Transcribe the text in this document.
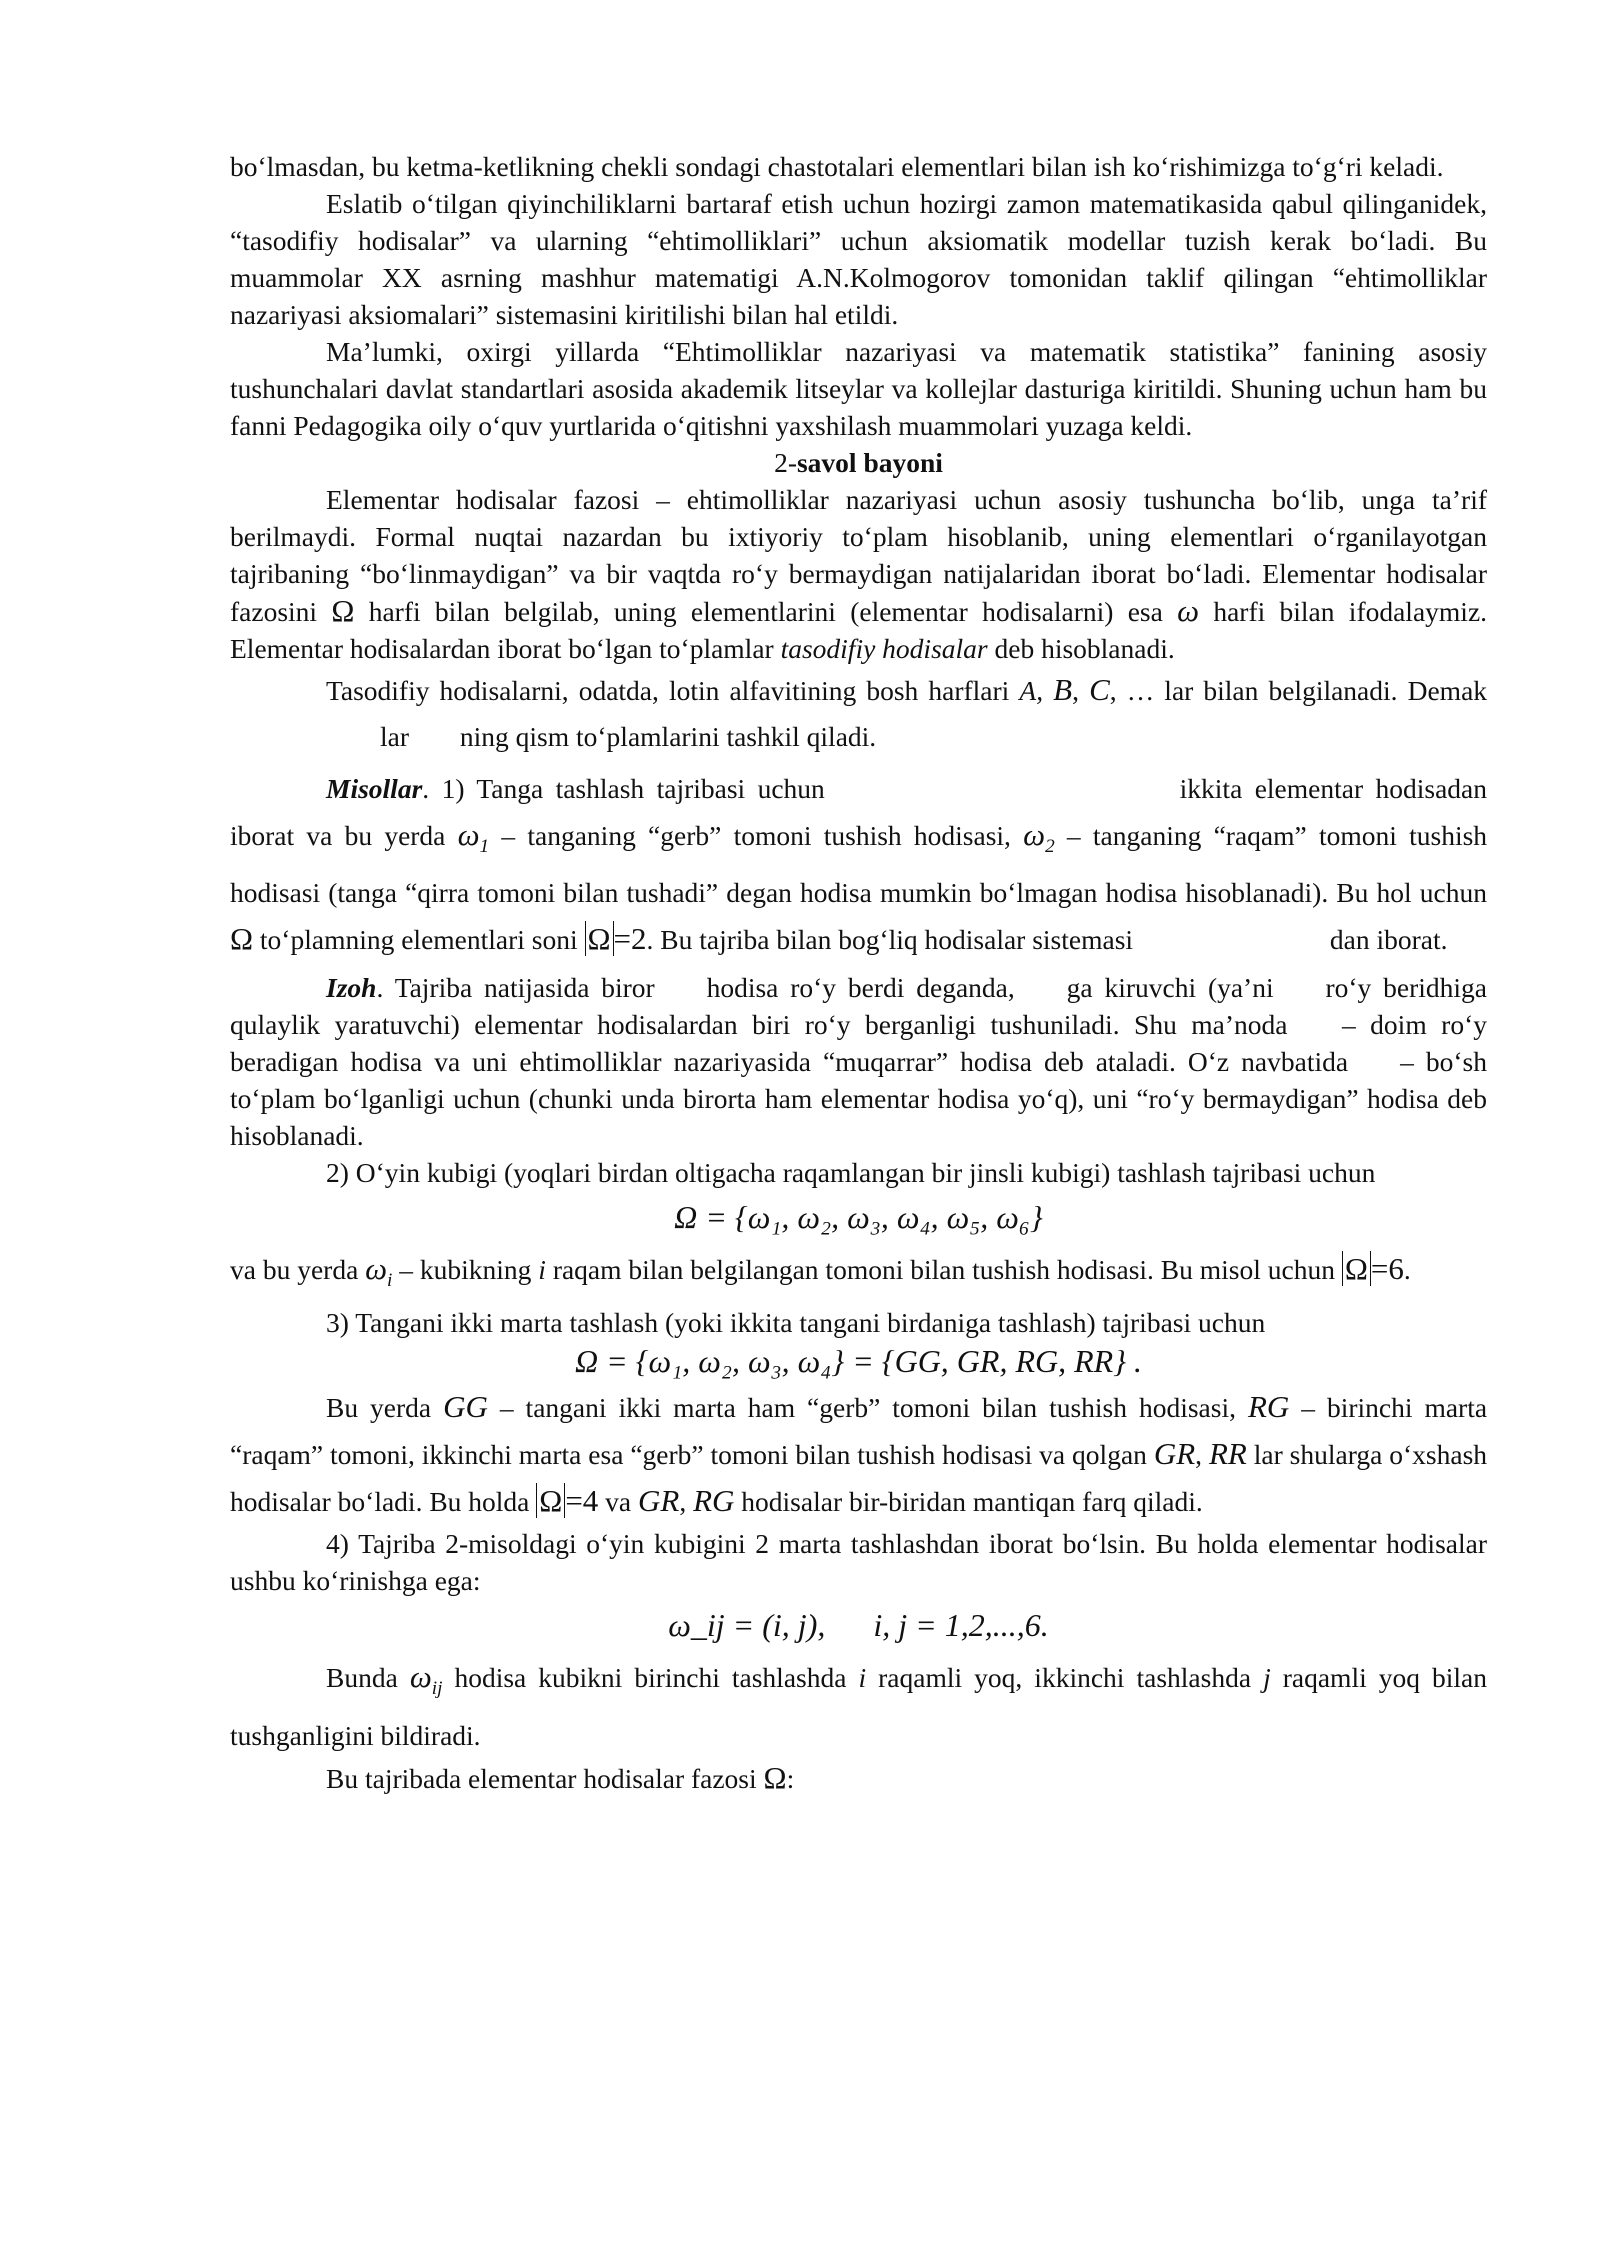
bo‘lmasdan, bu ketma-ketlikning chekli sondagi chastotalari elementlari bilan ish ko‘rishimizga to‘g‘ri keladi.

Eslatib o‘tilgan qiyinchiliklarni bartaraf etish uchun hozirgi zamon matematikasida qabul qilinganidek, “tasodifiy hodisalar” va ularning “ehtimolliklari” uchun aksiomatik modellar tuzish kerak bo‘ladi. Bu muammolar XX asrning mashhur matematigi A.N.Kolmogorov tomonidan taklif qilingan “ehtimolliklar nazariyasi aksiomalari” sistemasini kiritilishi bilan hal etildi.

Ma’lumki, oxirgi yillarda “Ehtimolliklar nazariyasi va matematik statistika” fanining asosiy tushunchalari davlat standartlari asosida akademik litseylar va kollejlar dasturiga kiritildi. Shuning uchun ham bu fanni Pedagogika oily o‘quv yurtlarida o‘qitishni yaxshilash muammolari yuzaga keldi.

2-savol bayoni

Elementar hodisalar fazosi – ehtimolliklar nazariyasi uchun asosiy tushuncha bo‘lib, unga ta’rif berilmaydi. Formal nuqtai nazardan bu ixtiyoriy to‘plam hisoblanib, uning elementlari o‘rganilayotgan tajribaning “bo‘linmaydigan” va bir vaqtda ro‘y bermaydigan natijalaridan iborat bo‘ladi. Elementar hodisalar fazosini Ω harfi bilan belgilab, uning elementlarini (elementar hodisalarni) esa ω harfi bilan ifodalaymiz. Elementar hodisalardan iborat bo‘lgan to‘plamlar tasodifiy hodisalar deb hisoblanadi.

Tasodifiy hodisalarni, odatda, lotin alfavitining bosh harflari A, B, C, … lar bilan belgilanadi. Demak lar ning qism to‘plamlarini tashkil qiladi.

Misollar. 1) Tanga tashlash tajribasi uchun	ikkita elementar hodisadan iborat va bu yerda $\omega_1$ – tanganing “gerb” tomoni tushish hodisasi, $\omega_2$ – tanganing “raqam” tomoni tushish hodisasi (tanga “qirra tomoni bilan tushadi” degan hodisa mumkin bo‘lmagan hodisa hisoblanadi). Bu hol uchun Ω to‘plamning elementlari soni Ω=2. Bu tajriba bilan bog‘liq hodisalar sistemasi	dan iborat.

Izoh. Tajriba natijasida biror hodisa ro‘y berdi deganda, ga kiruvchi (ya’ni ro‘y beridhiga qulaylik yaratuvchi) elementar hodisalardan biri ro‘y berganligi tushuniladi. Shu ma’noda – doim ro‘y beradigan hodisa va uni ehtimolliklar nazariyasida “muqarrar” hodisa deb ataladi. O‘z navbatida – bo‘sh to‘plam bo‘lganligi uchun (chunki unda birorta ham elementar hodisa yo‘q), uni “ro‘y bermaydigan” hodisa deb hisoblanadi.

2) O‘yin kubigi (yoqlari birdan oltigacha raqamlangan bir jinsli kubigi) tashlash tajribasi uchun

Ω = {ω₁, ω₂, ω₃, ω₄, ω₅, ω₆}

va bu yerda $\omega_i$ – kubikning i raqam bilan belgilangan tomoni bilan tushish hodisasi. Bu misol uchun Ω=6.

3) Tangani ikki marta tashlash (yoki ikkita tangani birdaniga tashlash) tajribasi uchun

Ω = {ω₁, ω₂, ω₃, ω₄} = {GG, GR, RG, RR} .

Bu yerda GG – tangani ikki marta ham “gerb” tomoni bilan tushish hodisasi, RG – birinchi marta “raqam” tomoni, ikkinchi marta esa “gerb” tomoni bilan tushish hodisasi va qolgan GR, RR lar shularga o‘xshash hodisalar bo‘ladi. Bu holda Ω=4 va GR, RG hodisalar bir-biridan mantiqan farq qiladi.

4) Tajriba 2-misoldagi o‘yin kubigini 2 marta tashlashdan iborat bo‘lsin. Bu holda elementar hodisalar ushbu ko‘rinishga ega:

ω_ij = (i, j),      i, j = 1,2,...,6.

Bunda $\omega_{ij}$ hodisa kubikni birinchi tashlashda i raqamli yoq, ikkinchi tashlashda j raqamli yoq bilan tushganligini bildiradi.

Bu tajribada elementar hodisalar fazosi Ω:
